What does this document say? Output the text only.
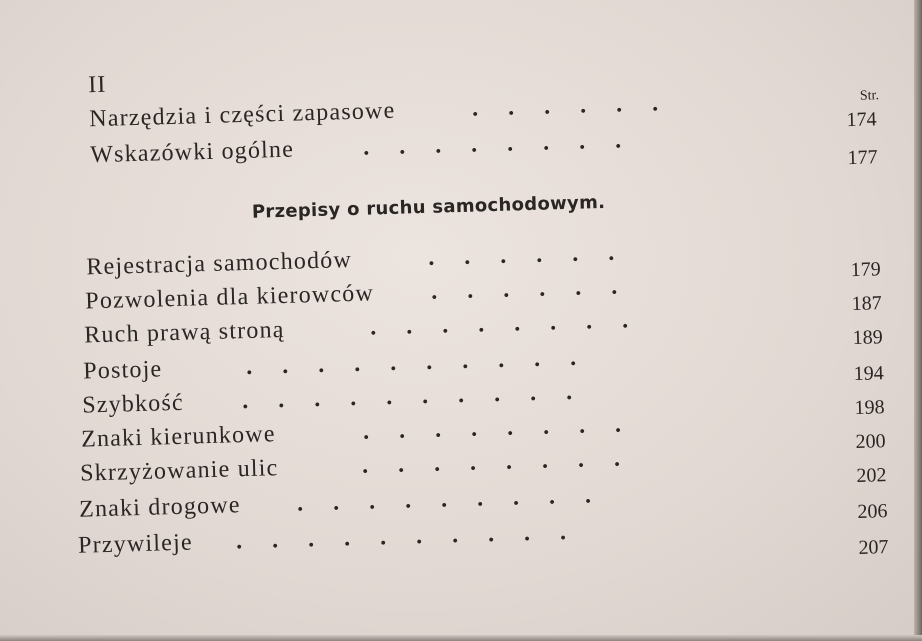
II	Str.
Narzędzia i części zapasowe	.     .     .     .     .     .	174
Wskazówki ogólne	.     .     .     .     .     .     .     .	177
Przepisy o ruchu samochodowym.
Rejestracja samochodów	.     .     .     .     .     .	179
Pozwolenia dla kierowców .     .     .     .     .     .	187
Ruch prawą stroną	.     .     .     .     .     .     .     .	189
Postoje	.     .     .     .     .     .     .     .     .     .	194
Szybkość .     .     .     .     .     .     .     .     .     .	198
Znaki kierunkowe	.     .     .     .     .     .     .     .	200
Skrzyżowanie ulic	.     .     .     .     .     .     .     .	202
Znaki drogowe .     .     .     .     .     .     .     .     .	206
Przywileje .     .     .     .     .     .     .     .     .     .	207
